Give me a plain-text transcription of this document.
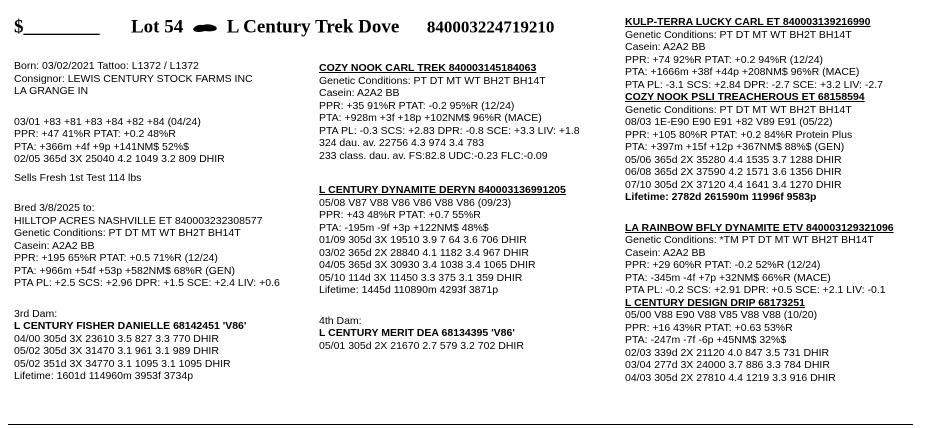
$________ Lot 54 L Century Trek Dove 840003224719210
Born: 03/02/2021 Tattoo: L1372 / L1372
Consignor: LEWIS CENTURY STOCK FARMS INC
LA GRANGE IN
03/01 +83 +81 +83 +84 +82 +84 (04/24)
PPR: +47 41%R PTAT: +0.2 48%R
PTA: +366m +4f +9p +141NM$ 52%$
02/05 365d 3X 25040 4.2 1049 3.2 809 DHIR
Sells Fresh 1st Test 114 lbs
Bred 3/8/2025 to:
HILLTOP ACRES NASHVILLE ET 840003232308577
Genetic Conditions: PT DT MT WT BH2T BH14T
Casein: A2A2 BB
PPR: +195 65%R PTAT: +0.5 71%R (12/24)
PTA: +966m +54f +53p +582NM$ 68%R (GEN)
PTA PL: +2.5 SCS: +2.96 DPR: +1.5 SCE: +2.4 LIV: +0.6
3rd Dam:
L CENTURY FISHER DANIELLE 68142451 'V86'
04/00 305d 3X 23610 3.5 827 3.3 770 DHIR
05/02 305d 3X 31470 3.1 961 3.1 989 DHIR
05/02 351d 3X 34770 3.1 1095 3.1 1095 DHIR
Lifetime: 1601d 114960m 3953f 3734p
COZY NOOK CARL TREK 840003145184063
Genetic Conditions: PT DT MT WT BH2T BH14T
Casein: A2A2 BB
PPR: +35 91%R PTAT: -0.2 95%R (12/24)
PTA: +928m +3f +18p +102NM$ 96%R (MACE)
PTA PL: -0.3 SCS: +2.83 DPR: -0.8 SCE: +3.3 LIV: +1.8
324 dau. av. 22756 4.3 974 3.4 783
233 class. dau. av. FS:82.8 UDC:-0.23 FLC:-0.09
L CENTURY DYNAMITE DERYN 840003136991205
05/08 V87 V88 V86 V86 V88 V86 (09/23)
PPR: +43 48%R PTAT: +0.7 55%R
PTA: -195m -9f +3p +122NM$ 48%$
01/09 305d 3X 19510 3.9 7 64 3.6 706 DHIR
03/02 365d 2X 28840 4.1 1182 3.4 967 DHIR
04/05 365d 3X 30930 3.4 1038 3.4 1065 DHIR
05/10 114d 3X 11450 3.3 375 3.1 359 DHIR
Lifetime: 1445d 110890m 4293f 3871p
4th Dam:
L CENTURY MERIT DEA 68134395 'V86'
05/01 305d 2X 21670 2.7 579 3.2 702 DHIR
KULP-TERRA LUCKY CARL ET 840003139216990
Genetic Conditions: PT DT MT WT BH2T BH14T
Casein: A2A2 BB
PPR: +74 92%R PTAT: +0.2 94%R (12/24)
PTA: +1666m +38f +44p +208NM$ 96%R (MACE)
PTA PL: -3.1 SCS: +2.84 DPR: -2.7 SCE: +3.2 LIV: -2.7
COZY NOOK PSLI TREACHEROUS ET 68158594
Genetic Conditions: PT DT MT WT BH2T BH14T
08/03 1E-E90 E90 E91 +82 V89 E91 (05/22)
PPR: +105 80%R PTAT: +0.2 84%R Protein Plus
PTA: +397m +15f +12p +367NM$ 88%$ (GEN)
05/06 365d 2X 35280 4.4 1535 3.7 1288 DHIR
06/08 365d 2X 37590 4.2 1571 3.6 1356 DHIR
07/10 305d 2X 37120 4.4 1641 3.4 1270 DHIR
Lifetime: 2782d 261590m 11996f 9583p
LA RAINBOW BFLY DYNAMITE ETV 840003129321096
Genetic Conditions: *TM PT DT MT WT BH2T BH14T
Casein: A2A2 BB
PPR: +29 60%R PTAT: -0.2 52%R (12/24)
PTA: -345m -4f +7p +32NM$ 66%R (MACE)
PTA PL: -0.2 SCS: +2.91 DPR: +0.5 SCE: +2.1 LIV: -0.1
L CENTURY DESIGN DRIP 68173251
05/00 V88 E90 V88 V85 V88 V88 (10/20)
PPR: +16 43%R PTAT: +0.63 53%R
PTA: -247m -7f -6p +45NM$ 32%$
02/03 339d 2X 21120 4.0 847 3.5 731 DHIR
03/04 277d 3X 24000 3.7 886 3.3 784 DHIR
04/03 305d 2X 27810 4.4 1219 3.3 916 DHIR
